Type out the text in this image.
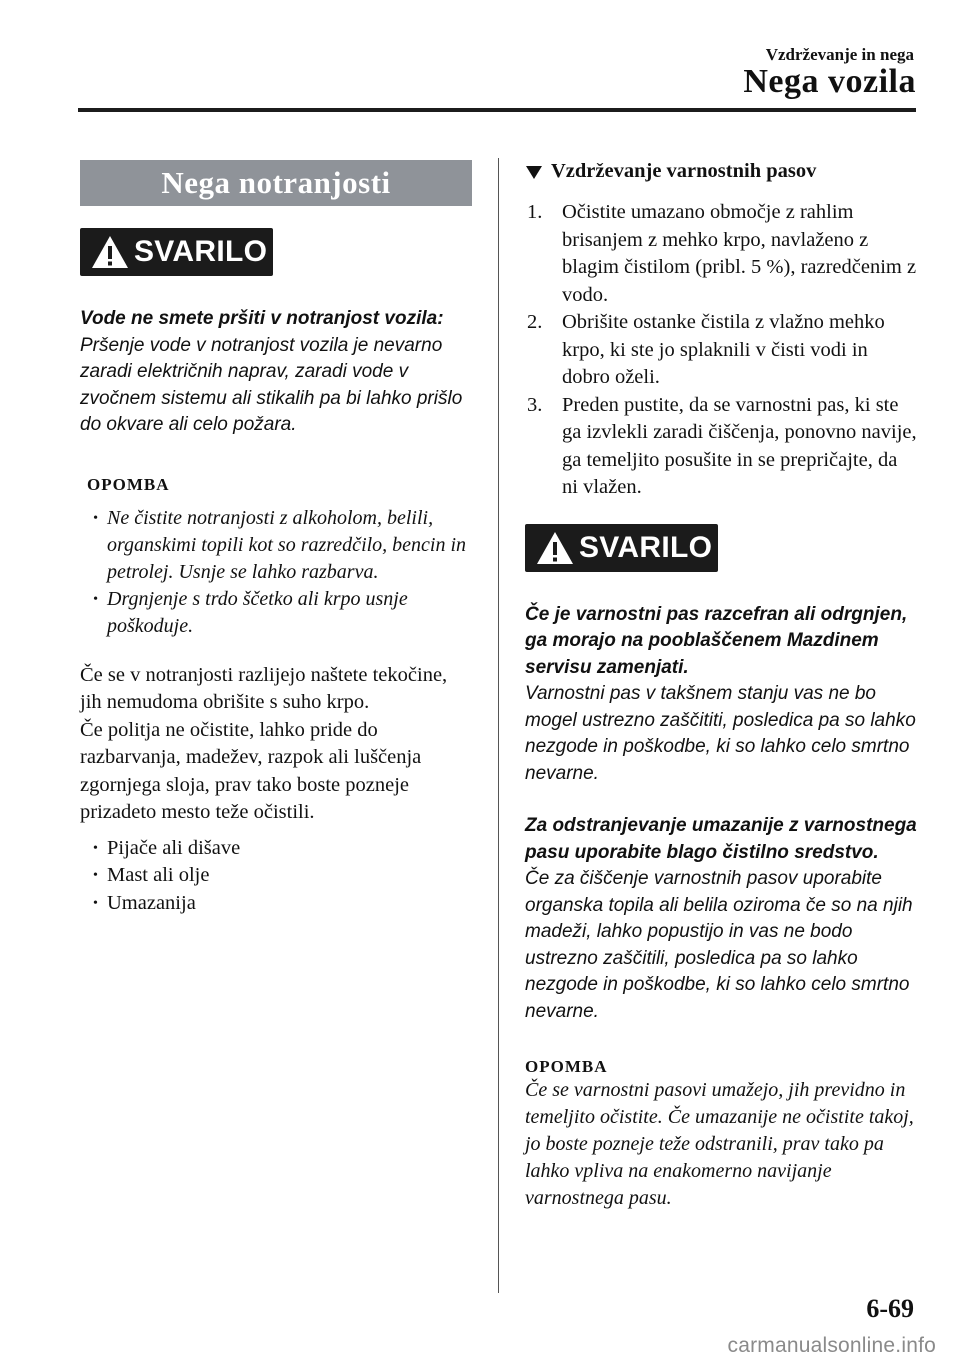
Vzdrževanje in nega
Nega vozila
Nega notranjosti
SVARILO
Vode ne smete pršiti v notranjost vozila:
Pršenje vode v notranjost vozila je nevarno zaradi električnih naprav, zaradi vode v zvočnem sistemu ali stikalih pa bi lahko prišlo do okvare ali celo požara.
OPOMBA
• Ne čistite notranjosti z alkoholom, belili, organskimi topili kot so razredčilo, bencin in petrolej. Usnje se lahko razbarva.
• Drgnjenje s trdo ščetko ali krpo usnje poškoduje.
Če se v notranjosti razlijejo naštete tekočine, jih nemudoma obrišite s suho krpo.
Če politja ne očistite, lahko pride do razbarvanja, madežev, razpok ali luščenja zgornjega sloja, prav tako boste pozneje prizadeto mesto teže očistili.
• Pijače ali dišave
• Mast ali olje
• Umazanija
Vzdrževanje varnostnih pasov
1. Očistite umazano območje z rahlim brisanjem z mehko krpo, navlaženo z blagim čistilom (pribl. 5 %), razredčenim z vodo.
2. Obrišite ostanke čistila z vlažno mehko krpo, ki ste jo splaknili v čisti vodi in dobro oželi.
3. Preden pustite, da se varnostni pas, ki ste ga izvlekli zaradi čiščenja, ponovno navije, ga temeljito posušite in se prepričajte, da ni vlažen.
SVARILO
Če je varnostni pas razcefran ali odrgnjen, ga morajo na pooblaščenem Mazdinem servisu zamenjati.
Varnostni pas v takšnem stanju vas ne bo mogel ustrezno zaščititi, posledica pa so lahko nezgode in poškodbe, ki so lahko celo smrtno nevarne.
Za odstranjevanje umazanije z varnostnega pasu uporabite blago čistilno sredstvo.
Če za čiščenje varnostnih pasov uporabite organska topila ali belila oziroma če so na njih madeži, lahko popustijo in vas ne bodo ustrezno zaščitili, posledica pa so lahko nezgode in poškodbe, ki so lahko celo smrtno nevarne.
OPOMBA
Če se varnostni pasovi umažejo, jih previdno in temeljito očistite. Če umazanije ne očistite takoj, jo boste pozneje teže odstranili, prav tako pa lahko vpliva na enakomerno navijanje varnostnega pasu.
6-69
carmanualsonline.info
